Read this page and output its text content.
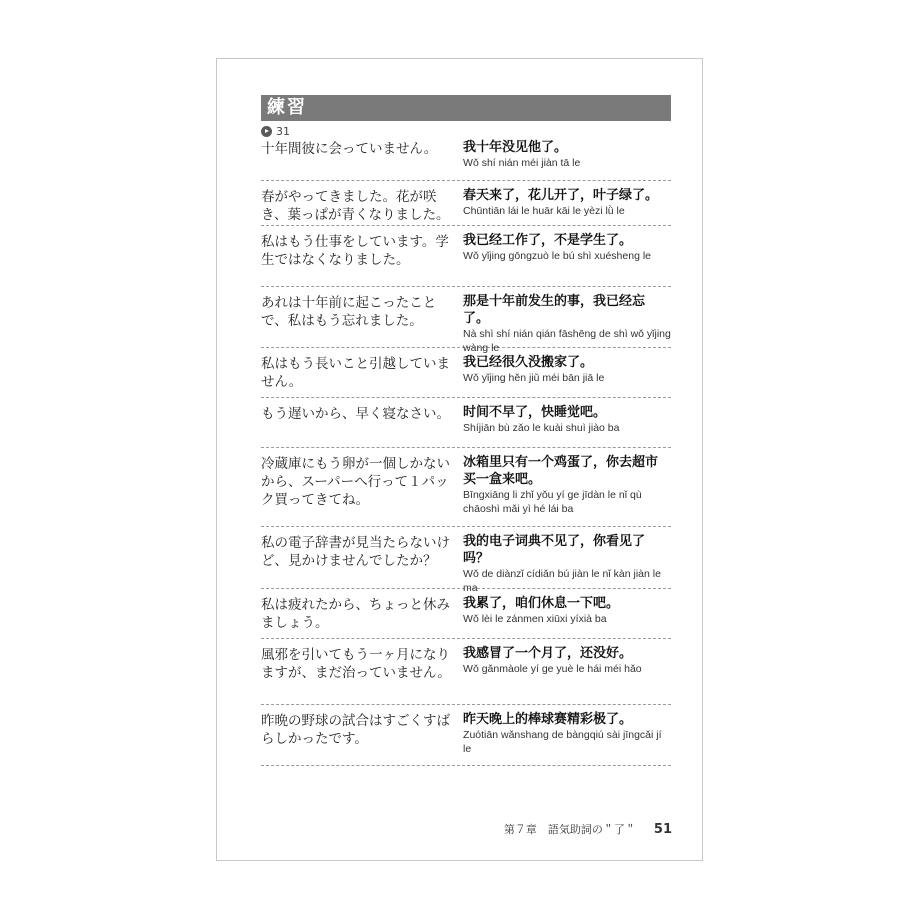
練習
31
十年間彼に会っていません。	我十年没见他了。
Wǒ shí nián méi jiàn tā le
春がやってきました。花が咲き、葉っぱが青くなりました。
春天来了，花儿开了，叶子绿了。
Chūntiān lái le huār kāi le yèzi lǜ le
私はもう仕事をしています。学生ではなくなりました。
我已经工作了，不是学生了。
Wǒ yǐjing gōngzuò le bú shì xuésheng le
あれは十年前に起こったことで、私はもう忘れました。
那是十年前发生的事，我已经忘了。
Nà shì shí nián qián fāshēng de shì wǒ yǐjing wàng le
私はもう長いこと引越していません。
我已经很久没搬家了。
Wǒ yǐjing hěn jiǔ méi bān jiā le
もう遅いから、早く寝なさい。	时间不早了，快睡觉吧。
Shíjiān bù zǎo le kuài shuì jiào ba
冷蔵庫にもう卵が一個しかないから、スーパーへ行って１パック買ってきてね。
冰箱里只有一个鸡蛋了，你去超市买一盒来吧。
Bīngxiāng li zhǐ yǒu yí ge jīdàn le nǐ qù chāoshì mǎi yì hé lái ba
私の電子辞書が見当たらないけど、見かけませんでしたか？
我的电子词典不见了，你看见了吗？
Wǒ de diànzǐ cídiǎn bú jiàn le nǐ kàn jiàn le ma
私は疲れたから、ちょっと休みましょう。
我累了，咱们休息一下吧。
Wǒ lèi le zánmen xiūxi yíxià ba
風邪を引いてもう一ヶ月になりますが、まだ治っていません。
我感冒了一个月了，还没好。
Wǒ gǎnmàole yí ge yuè le hái méi hǎo
昨晩の野球の試合はすごくすばらしかったです。
昨天晚上的棒球赛精彩极了。
Zuótiān wǎnshang de bàngqiú sài jīngcǎi jí le
第７章　語気助詞の＂了＂ 51
